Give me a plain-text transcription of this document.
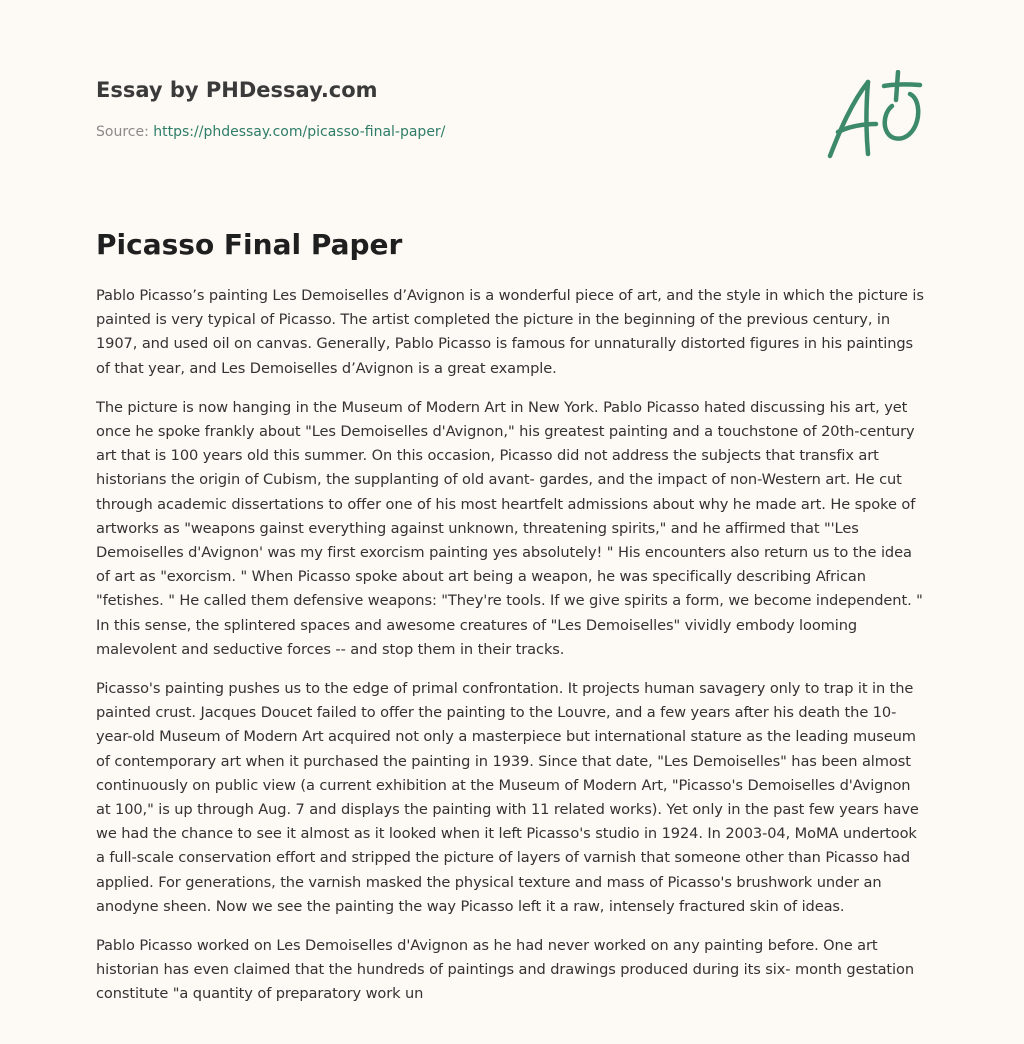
Essay by PHDessay.com
Source: https://phdessay.com/picasso-final-paper/
Picasso Final Paper

Pablo Picasso’s painting Les Demoiselles d’Avignon is a wonderful piece of art, and the style in which the picture is painted is very typical of Picasso. The artist completed the picture in the beginning of the previous century, in 1907, and used oil on canvas. Generally, Pablo Picasso is famous for unnaturally distorted figures in his paintings of that year, and Les Demoiselles d’Avignon is a great example.

The picture is now hanging in the Museum of Modern Art in New York. Pablo Picasso hated discussing his art, yet once he spoke frankly about "Les Demoiselles d'Avignon," his greatest painting and a touchstone of 20th-century art that is 100 years old this summer. On this occasion, Picasso did not address the subjects that transfix art historians the origin of Cubism, the supplanting of old avant- gardes, and the impact of non-Western art. He cut through academic dissertations to offer one of his most heartfelt admissions about why he made art. He spoke of artworks as "weapons gainst everything against unknown, threatening spirits," and he affirmed that "'Les Demoiselles d'Avignon' was my first exorcism painting yes absolutely! " His encounters also return us to the idea of art as "exorcism. " When Picasso spoke about art being a weapon, he was specifically describing African "fetishes. " He called them defensive weapons: "They're tools. If we give spirits a form, we become independent. " In this sense, the splintered spaces and awesome creatures of "Les Demoiselles" vividly embody looming malevolent and seductive forces -- and stop them in their tracks.

Picasso's painting pushes us to the edge of primal confrontation. It projects human savagery only to trap it in the painted crust. Jacques Doucet failed to offer the painting to the Louvre, and a few years after his death the 10-year-old Museum of Modern Art acquired not only a masterpiece but international stature as the leading museum of contemporary art when it purchased the painting in 1939. Since that date, "Les Demoiselles" has been almost continuously on public view (a current exhibition at the Museum of Modern Art, "Picasso's Demoiselles d'Avignon at 100," is up through Aug. 7 and displays the painting with 11 related works). Yet only in the past few years have we had the chance to see it almost as it looked when it left Picasso's studio in 1924. In 2003-04, MoMA undertook a full-scale conservation effort and stripped the picture of layers of varnish that someone other than Picasso had applied. For generations, the varnish masked the physical texture and mass of Picasso's brushwork under an anodyne sheen. Now we see the painting the way Picasso left it a raw, intensely fractured skin of ideas.

Pablo Picasso worked on Les Demoiselles d'Avignon as he had never worked on any painting before. One art historian has even claimed that the hundreds of paintings and drawings produced during its six- month gestation constitute "a quantity of preparatory work un
